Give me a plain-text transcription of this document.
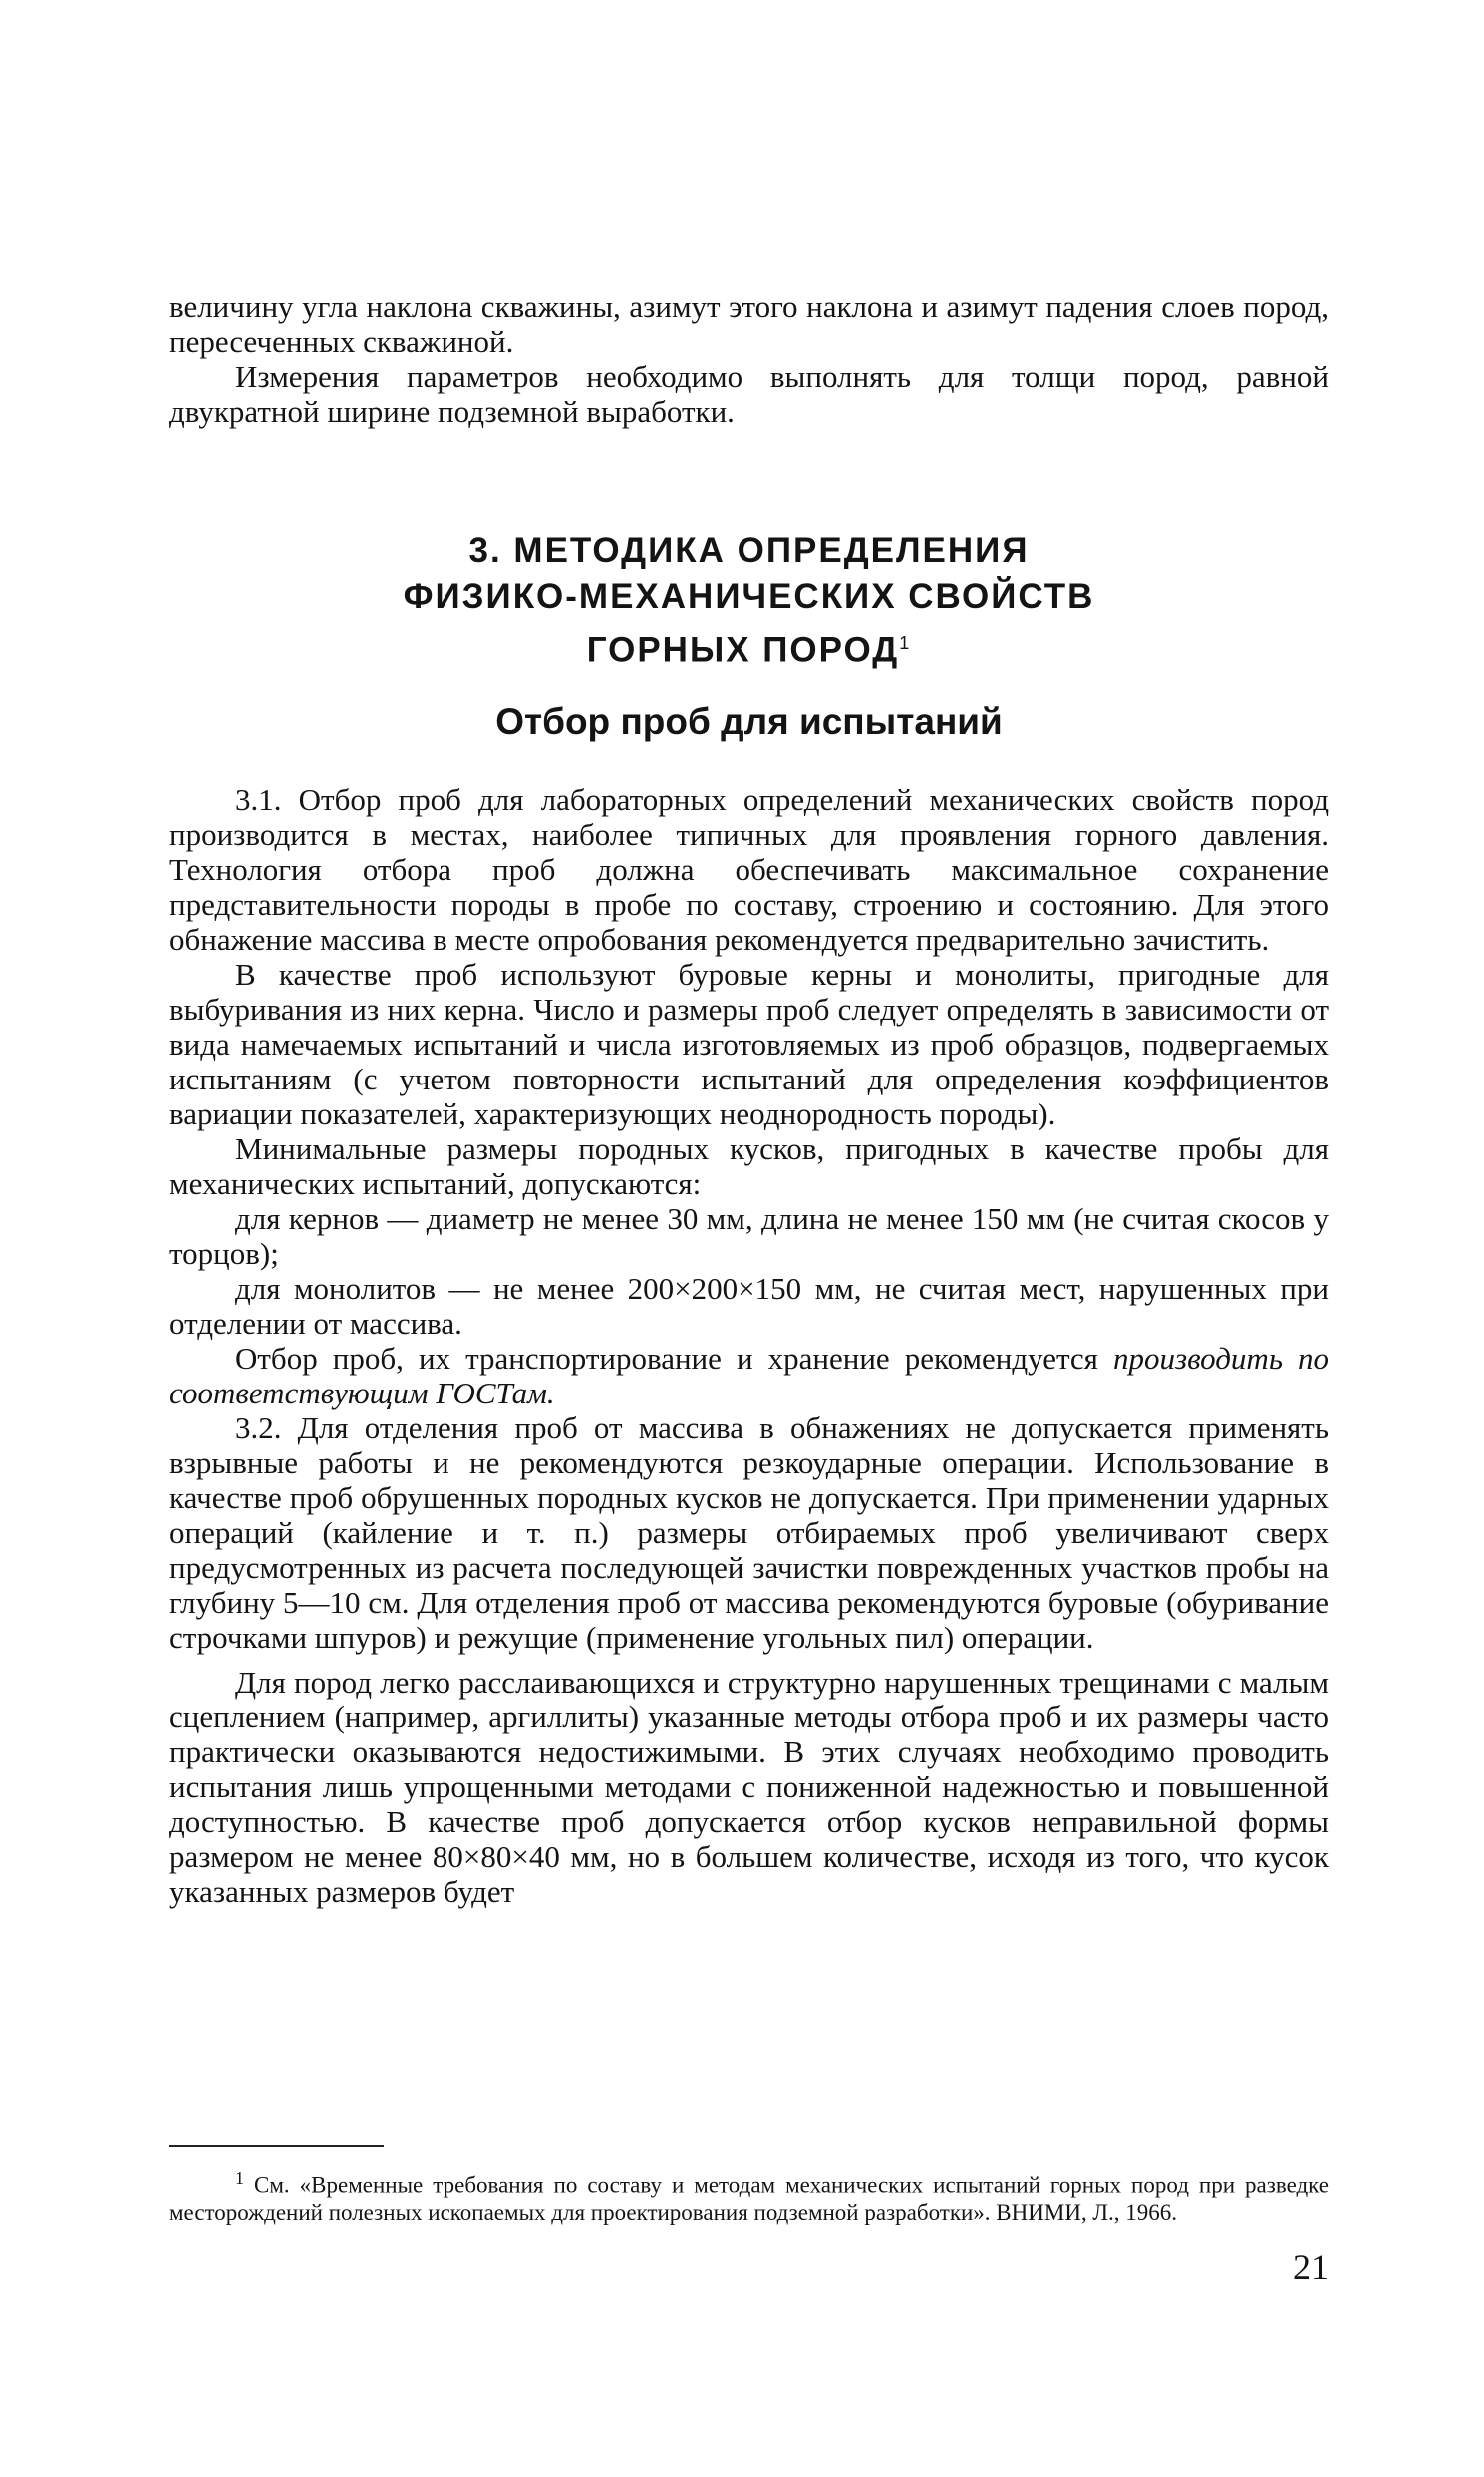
величину угла наклона скважины, азимут этого наклона и азимут падения слоев пород, пересеченных скважиной.

Измерения параметров необходимо выполнять для толщи пород, равной двукратной ширине подземной выработки.

3. МЕТОДИКА ОПРЕДЕЛЕНИЯ
ФИЗИКО-МЕХАНИЧЕСКИХ СВОЙСТВ
ГОРНЫХ ПОРОД$^1$
Отбор проб для испытаний

3.1. Отбор проб для лабораторных определений механических свойств пород производится в местах, наиболее типичных для проявления горного давления. Технология отбора проб должна обеспечивать максимальное сохранение представительности породы в пробе по составу, строению и состоянию. Для этого обнажение массива в месте опробования рекомендуется предварительно зачистить.

В качестве проб используют буровые керны и монолиты, пригодные для выбуривания из них керна. Число и размеры проб следует определять в зависимости от вида намечаемых испытаний и числа изготовляемых из проб образцов, подвергаемых испытаниям (с учетом повторности испытаний для определения коэффициентов вариации показателей, характеризующих неоднородность породы).

Минимальные размеры породных кусков, пригодных в качестве пробы для механических испытаний, допускаются:

для кернов — диаметр не менее 30 мм, длина не менее 150 мм (не считая скосов у торцов);

для монолитов — не менее 200×200×150 мм, не считая мест, нарушенных при отделении от массива.

Отбор проб, их транспортирование и хранение рекомендуется производить по соответствующим ГОСТам.

3.2. Для отделения проб от массива в обнажениях не допускается применять взрывные работы и не рекомендуются резкоударные операции. Использование в качестве проб обрушенных породных кусков не допускается. При применении ударных операций (кайление и т. п.) размеры отбираемых проб увеличивают сверх предусмотренных из расчета последующей зачистки поврежденных участков пробы на глубину 5—10 см. Для отделения проб от массива рекомендуются буровые (обуривание строчками шпуров) и режущие (применение угольных пил) операции.

Для пород легко расслаивающихся и структурно нарушенных трещинами с малым сцеплением (например, аргиллиты) указанные методы отбора проб и их размеры часто практически оказываются недостижимыми. В этих случаях необходимо проводить испытания лишь упрощенными методами с пониженной надежностью и повышенной доступностью. В качестве проб допускается отбор кусков неправильной формы размером не менее 80×80×40 мм, но в большем количестве, исходя из того, что кусок указанных размеров будет

$^1$ См. «Временные требования по составу и методам механических испытаний горных пород при разведке месторождений полезных ископаемых для проектирования подземной разработки». ВНИМИ, Л., 1966.

21
